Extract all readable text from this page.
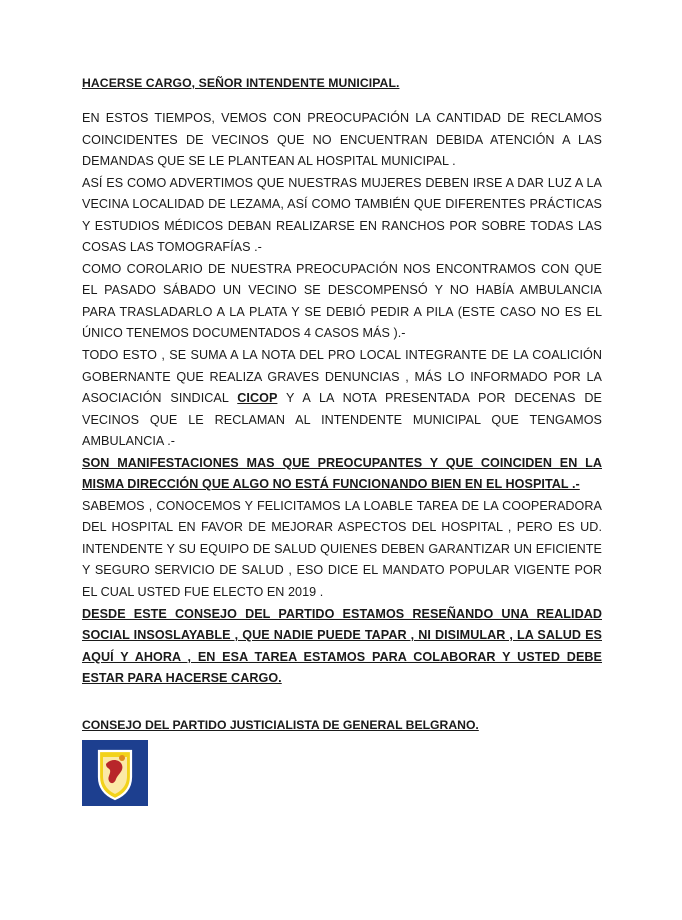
HACERSE CARGO, SEÑOR INTENDENTE MUNICIPAL.

EN ESTOS TIEMPOS, VEMOS CON PREOCUPACIÓN LA CANTIDAD DE RECLAMOS COINCIDENTES DE VECINOS QUE NO ENCUENTRAN DEBIDA ATENCIÓN A LAS DEMANDAS QUE SE LE PLANTEAN AL HOSPITAL MUNICIPAL .

ASÍ ES COMO ADVERTIMOS QUE NUESTRAS MUJERES DEBEN IRSE A DAR LUZ A LA VECINA LOCALIDAD DE LEZAMA, ASÍ COMO TAMBIÉN QUE DIFERENTES PRÁCTICAS Y ESTUDIOS MÉDICOS DEBAN REALIZARSE EN RANCHOS POR SOBRE TODAS LAS COSAS LAS TOMOGRAFÍAS .-

COMO COROLARIO DE NUESTRA PREOCUPACIÓN NOS ENCONTRAMOS CON QUE EL PASADO SÁBADO UN VECINO SE DESCOMPENSÓ Y NO HABÍA AMBULANCIA PARA TRASLADARLO A LA PLATA Y SE DEBIÓ PEDIR A PILA (ESTE CASO NO ES EL ÚNICO TENEMOS DOCUMENTADOS 4 CASOS MÁS ).-

TODO ESTO , SE SUMA A LA NOTA DEL PRO LOCAL INTEGRANTE DE LA COALICIÓN GOBERNANTE QUE REALIZA GRAVES DENUNCIAS , MÁS LO INFORMADO POR LA ASOCIACIÓN SINDICAL CICOP Y A LA NOTA PRESENTADA POR DECENAS DE VECINOS QUE LE RECLAMAN AL INTENDENTE MUNICIPAL QUE TENGAMOS AMBULANCIA .-

SON MANIFESTACIONES MAS QUE PREOCUPANTES Y QUE COINCIDEN EN LA MISMA DIRECCIÓN QUE ALGO NO ESTÁ FUNCIONANDO BIEN EN EL HOSPITAL .-

SABEMOS , CONOCEMOS Y FELICITAMOS LA LOABLE TAREA DE LA COOPERADORA DEL HOSPITAL EN FAVOR DE MEJORAR ASPECTOS DEL HOSPITAL , PERO ES UD. INTENDENTE Y SU EQUIPO DE SALUD QUIENES DEBEN GARANTIZAR UN EFICIENTE Y SEGURO SERVICIO DE SALUD , ESO DICE EL MANDATO POPULAR VIGENTE POR EL CUAL USTED FUE ELECTO EN 2019 .

DESDE ESTE CONSEJO DEL PARTIDO ESTAMOS RESEÑANDO UNA REALIDAD SOCIAL INSOSLAYABLE , QUE NADIE PUEDE TAPAR , NI DISIMULAR , LA SALUD ES AQUÍ Y AHORA , EN ESA TAREA ESTAMOS PARA COLABORAR Y USTED DEBE ESTAR PARA HACERSE CARGO.

CONSEJO DEL PARTIDO JUSTICIALISTA DE GENERAL BELGRANO.
